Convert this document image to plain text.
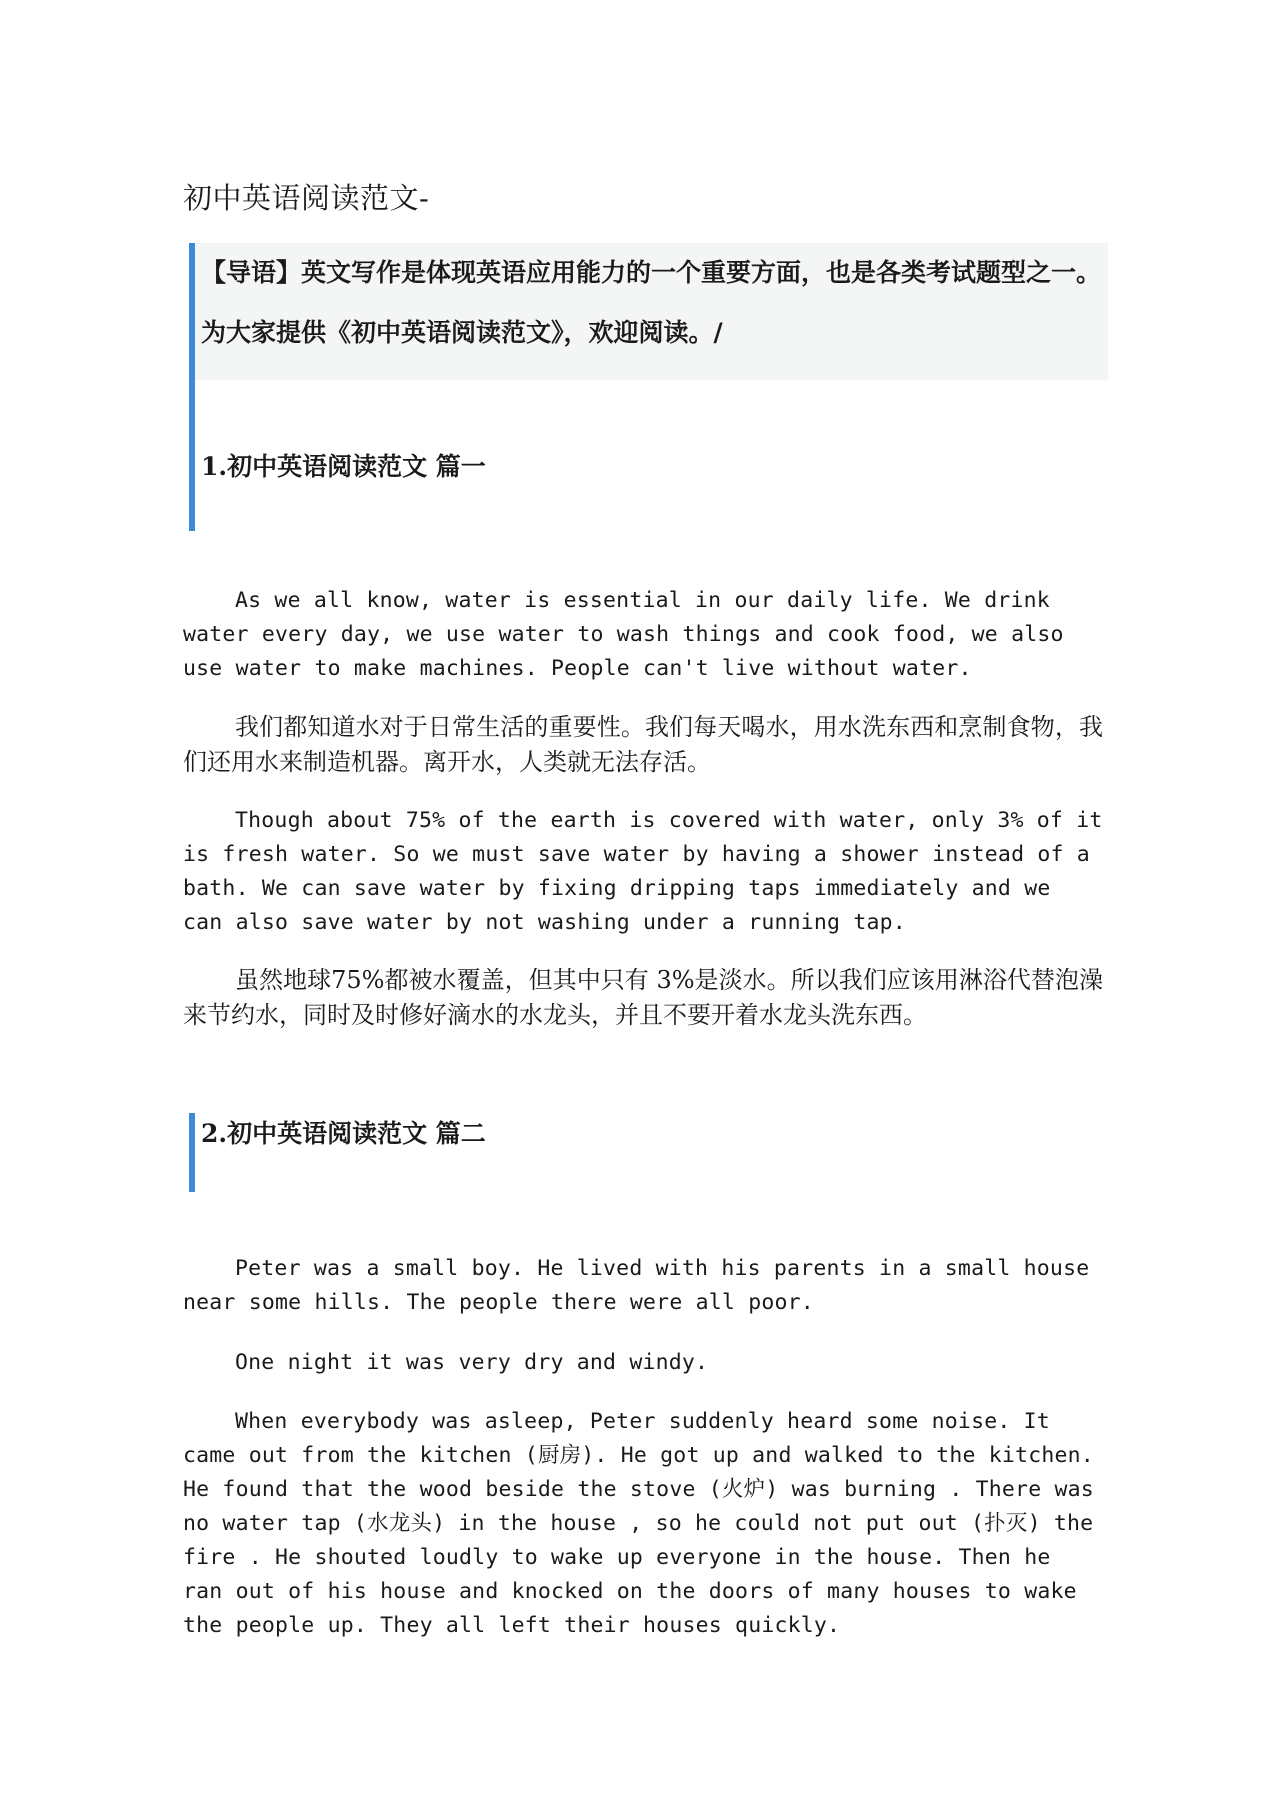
初中英语阅读范文-

【导语】英文写作是体现英语应用能力的一个重要方面，也是各类考试题型之一。为大家提供《初中英语阅读范文》，欢迎阅读。/

1.初中英语阅读范文 篇一

As we all know, water is essential in our daily life. We drink water every day, we use water to wash things and cook food, we also use water to make machines. People can't live without water.

我们都知道水对于日常生活的重要性。我们每天喝水，用水洗东西和烹制食物，我们还用水来制造机器。离开水，人类就无法存活。

Though about 75% of the earth is covered with water, only 3% of it is fresh water. So we must save water by having a shower instead of a bath. We can save water by fixing dripping taps immediately and we can also save water by not washing under a running tap.

虽然地球75%都被水覆盖，但其中只有 3%是淡水。所以我们应该用淋浴代替泡澡来节约水，同时及时修好滴水的水龙头，并且不要开着水龙头洗东西。

2.初中英语阅读范文 篇二

Peter was a small boy. He lived with his parents in a small house near some hills. The people there were all poor.

One night it was very dry and windy.

When everybody was asleep, Peter suddenly heard some noise. It came out from the kitchen (厨房). He got up and walked to the kitchen. He found that the wood beside the stove (火炉) was burning . There was no water tap (水龙头) in the house , so he could not put out (扑灭) the fire . He shouted loudly to wake up everyone in the house. Then he ran out of his house and knocked on the doors of many houses to wake the people up. They all left their houses quickly.
